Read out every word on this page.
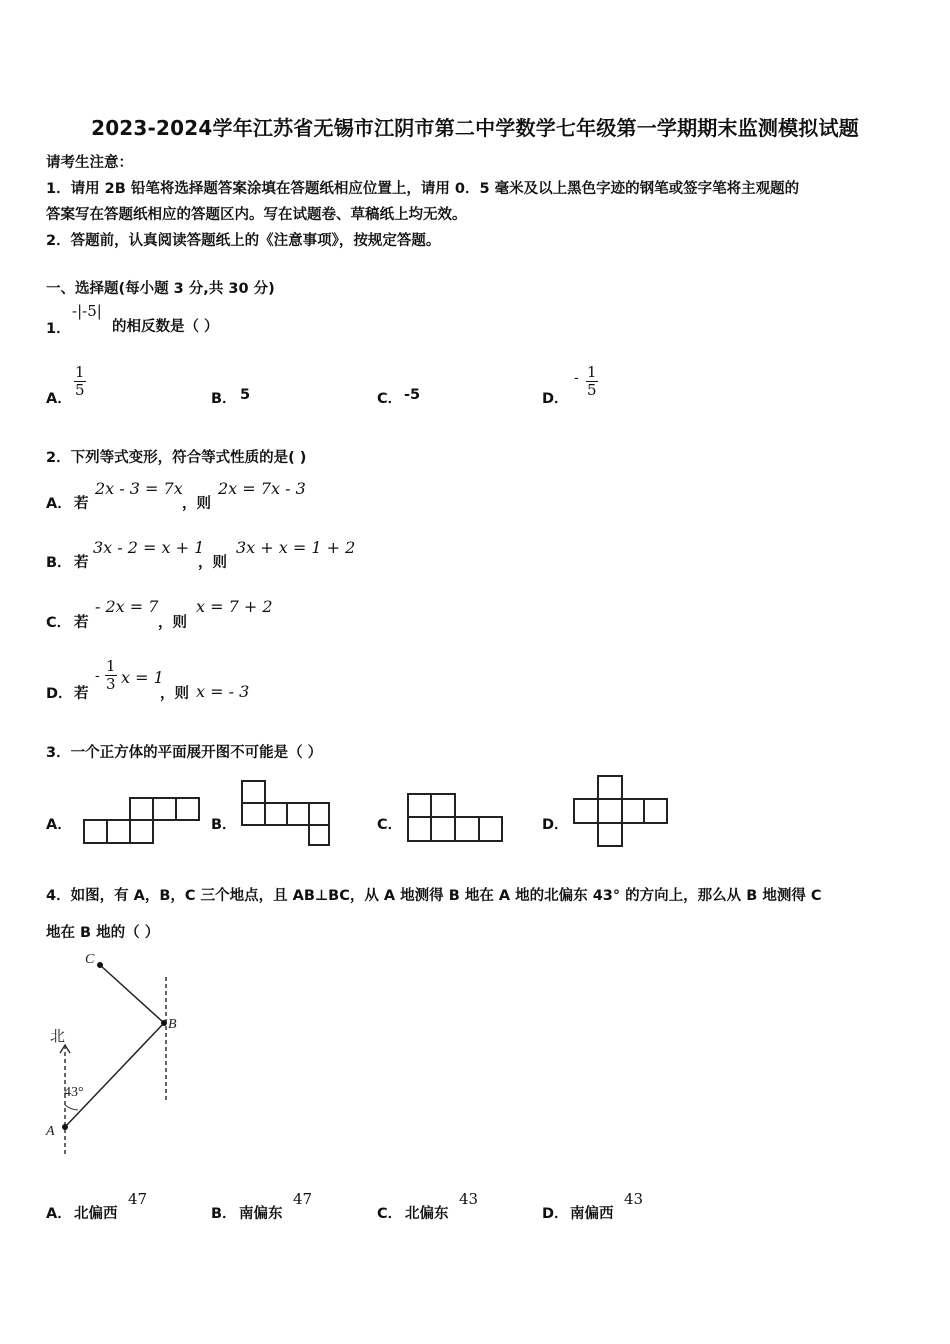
2023-2024学年江苏省无锡市江阴市第二中学数学七年级第一学期期末监测模拟试题
请考生注意：
1．请用 2B 铅笔将选择题答案涂填在答题纸相应位置上，请用 0．5 毫米及以上黑色字迹的钢笔或签字笔将主观题的
答案写在答题纸相应的答题区内。写在试题卷、草稿纸上均无效。
2．答题前，认真阅读答题纸上的《注意事项》，按规定答题。
一、选择题(每小题 3 分,共 30 分)
1．
-|-5|
的相反数是（ ）
A．
$\frac{1}{5}$
B． 5	C． -5	D．
- $\frac{1}{5}$
2．下列等式变形，符合等式性质的是( )
A． 若
2x - 3 = 7x
，则
2x = 7x - 3
B． 若
3x - 2 = x + 1
，则
3x + x = 1 + 2
C． 若
- 2x = 7
，则
x = 7 + 2
D． 若
- $\frac{1}{3}$ x = 1
，则 x = - 3
3．一个正方体的平面展开图不可能是（ ）
A．	B．	C．	D．
4．如图，有 A，B，C 三个地点，且 AB⊥BC，从 A 地测得 B 地在 A 地的北偏东 43° 的方向上，那么从 B 地测得 C
地在 B 地的（ ）
北
43°
A
B
C
A． 北偏西
47
B． 南偏东
47
C． 北偏东
43
D． 南偏西
43
